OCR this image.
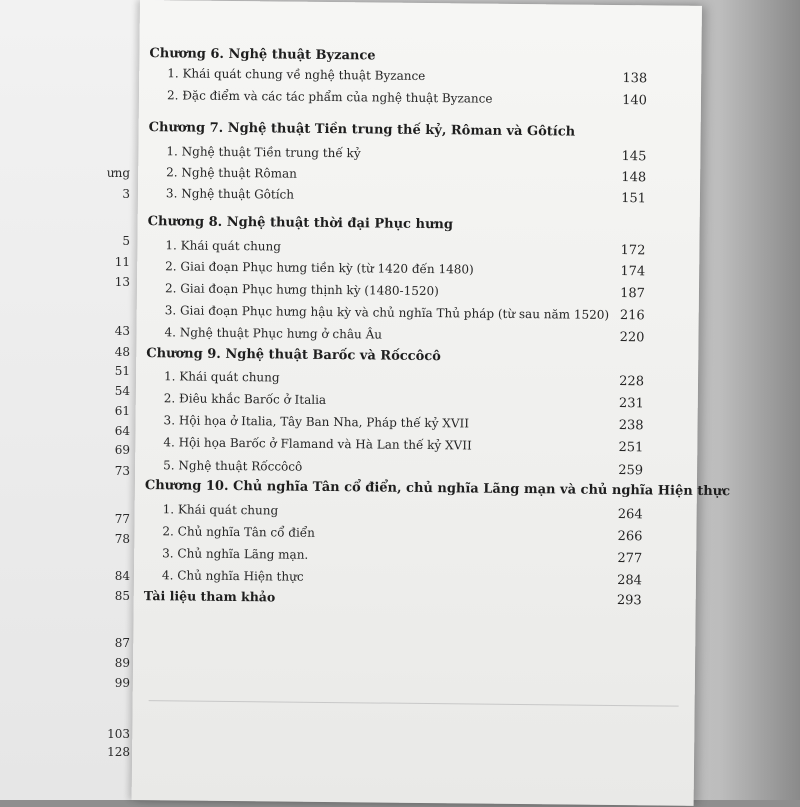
ưng
3
5
11
13
43
48
51
54
61
64
69
73
77
78
84
85
87
89
99
103
128
Chương 6. Nghệ thuật Byzance
1. Khái quát chung về nghệ thuật Byzance	138
2. Đặc điểm và các tác phẩm của nghệ thuật Byzance	140
Chương 7. Nghệ thuật Tiền trung thế kỷ, Rôman và Gôtích
1. Nghệ thuật Tiền trung thế kỷ	145
2. Nghệ thuật Rôman	148
3. Nghệ thuật Gôtích	151
Chương 8. Nghệ thuật thời đại Phục hưng
1. Khái quát chung	172
2. Giai đoạn Phục hưng tiền kỳ (từ 1420 đến 1480)	174
2. Giai đoạn Phục hưng thịnh kỳ (1480-1520)	187
3. Giai đoạn Phục hưng hậu kỳ và chủ nghĩa Thủ pháp (từ sau năm 1520) 216
4. Nghệ thuật Phục hưng ở châu Âu	220
Chương 9. Nghệ thuật Barốc và Rốccôcô
1. Khái quát chung	228
2. Điêu khắc Barốc ở Italia	231
3. Hội họa ở Italia, Tây Ban Nha, Pháp thế kỷ XVII	238
4. Hội họa Barốc ở Flamand và Hà Lan thế kỷ XVII	251
5. Nghệ thuật Rốccôcô	259
Chương 10. Chủ nghĩa Tân cổ điển, chủ nghĩa Lãng mạn và chủ nghĩa Hiện thực
1. Khái quát chung	264
2. Chủ nghĩa Tân cổ điển	266
3. Chủ nghĩa Lãng mạn.	277
4. Chủ nghĩa Hiện thực	284
Tài liệu tham khảo	293
